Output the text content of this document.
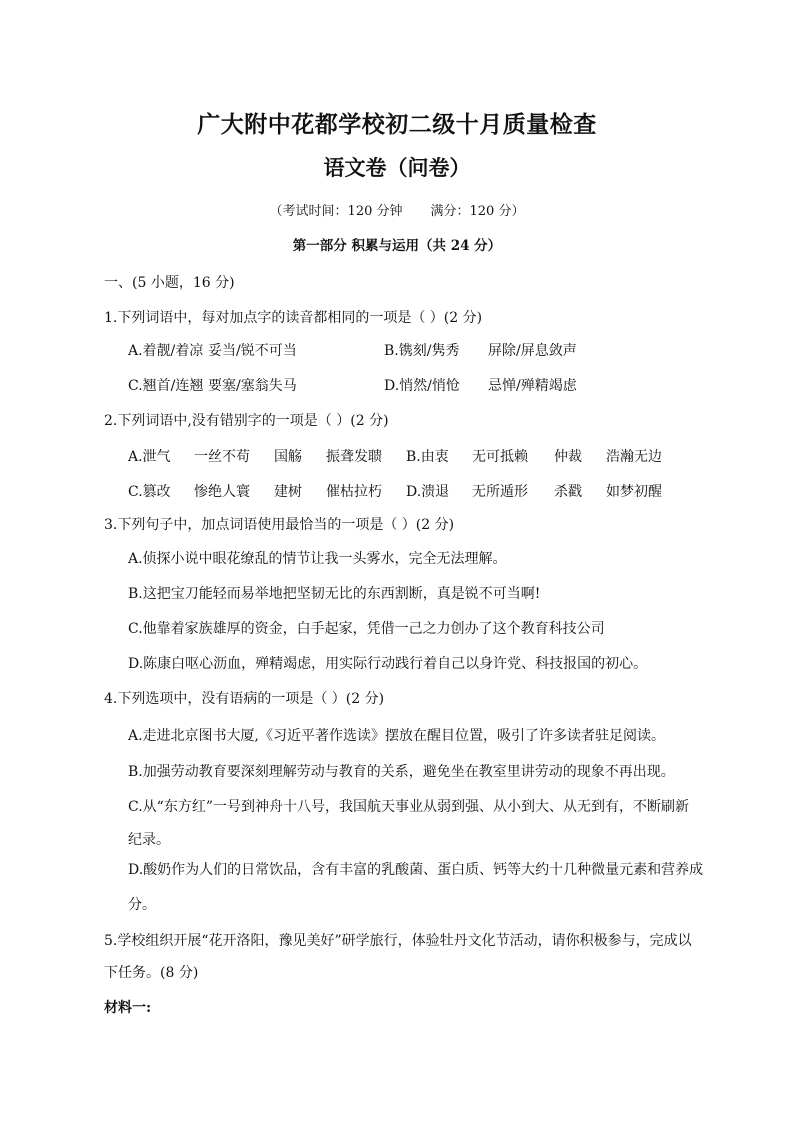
广大附中花都学校初二级十月质量检查
语文卷（问卷）
（考试时间：120 分钟 满分：120 分）
第一部分 积累与运用（共 24 分）
一、(5 小题，16 分)
1.下列词语中，每对加点字的读音都相同的一项是（ ）(2 分)
A.着靓/着凉 妥当/锐不可当	B.镌刻/隽秀 屏除/屏息敛声
C.翘首/连翘 要塞/塞翁失马	D.悄然/悄怆 忌惮/殚精竭虑
2.下列词语中,没有错别字的一项是（ ）(2 分)
A.泄气 一丝不苟 国觞 振聋发聩 B.由衷 无可抵赖 仲裁 浩瀚无边
C.篡改 惨绝人寰 建树 催枯拉朽 D.溃退 无所遁形 杀戳 如梦初醒
3.下列句子中，加点词语使用最恰当的一项是（ ）(2 分)
A.侦探小说中眼花缭乱的情节让我一头雾水，完全无法理解。
B.这把宝刀能轻而易举地把坚韧无比的东西割断，真是锐不可当啊!
C.他靠着家族雄厚的资金，白手起家，凭借一己之力创办了这个教育科技公司
D.陈康白呕心沥血，殚精竭虑，用实际行动践行着自己以身许党、科技报国的初心。
4.下列选项中，没有语病的一项是（ ）(2 分)
A.走进北京图书大厦,《习近平著作选读》摆放在醒目位置，吸引了许多读者驻足阅读。
B.加强劳动教育要深刻理解劳动与教育的关系，避免坐在教室里讲劳动的现象不再出现。
C.从“东方红”一号到神舟十八号，我国航天事业从弱到强、从小到大、从无到有，不断刷新
纪录。
D.酸奶作为人们的日常饮品，含有丰富的乳酸菌、蛋白质、钙等大约十几种微量元素和营养成
分。
5.学校组织开展“花开洛阳，豫见美好”研学旅行，体验牡丹文化节活动，请你积极参与，完成以
下任务。(8 分)
材料一:
